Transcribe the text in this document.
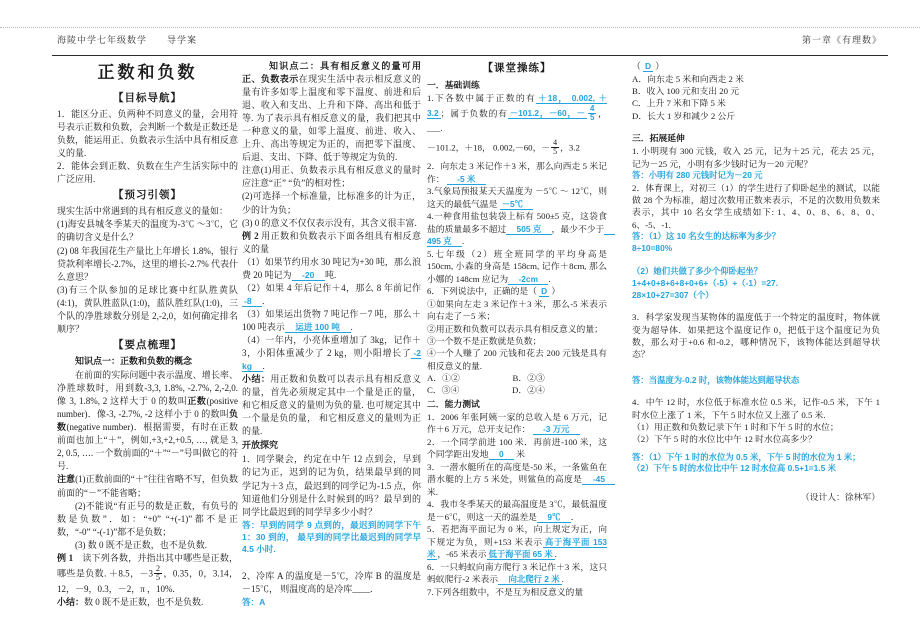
海陵中学七年级数学　　导学案	第一章《有理数》
正数和负数
【目标导航】
1．能区分正、负两种不同意义的量，会用符号表示正数和负数，会判断一个数是正数还是负数，能运用正、负数表示生活中具有相反意义的量.
2．能体会到正数、负数在生产生活实际中的广泛应用.
【预习引领】
现实生活中常遇到的具有相反意义的量如：
(1)海安县城冬季某天的温度为-3℃ ～3℃，它的确切含义是什么？
(2) 08 年我国花生产量比上年增长 1.8%，银行贷款利率增长-2.7%，这里的增长-2.7% 代表什么意思？
(3)有三个队参加的足球比赛中红队胜黄队(4:1)，黄队胜蓝队(1:0)，蓝队胜红队(1:0)，三个队的净胜球数分别是 2,-2,0，如何确定排名顺序？
【要点梳理】
知识点一：正数和负数的概念
在前面的实际问题中表示温度、增长率、净胜球数时，用到数-3,3, 1.8%, -2.7%, 2,-2,0. 像 3, 1.8%, 2 这样大于 0 的数叫正数(positive number)．像-3, -2.7%, -2 这样小于 0 的数叫负数(negative number)．根据需要，有时在正数前面也加上“＋”，例如,+3,+2,+0.5, …, 就是 3, 2, 0.5, …. 一个数前面的“＋”“－”号叫做它的符号.
注意(1)正数前面的“＋”往往省略不写，但负数前面的“－”不能省略；
(2)不能说“有正号的数是正数，有负号的数是负数”．如：“+0” “+(-1)”都不是正数，“-0” “-(-1)”都不是负数；
(3) 数 0 既不是正数，也不是负数.
例 1　读下列各数，并指出其中哪些是正数，哪些是负数. ＋8.5，$-3 \frac{2}{5}$ ，0.35，0，3.14，12，－9，0.3，－2，π ，10%.
小结：数 0 既不是正数，也不是负数.
知识点二：具有相反意义的量可用正、负数表示在现实生活中表示相反意义的量有许多如零上温度和零下温度、前进和后退、收入和支出、上升和下降、高出和低于等. 为了表示具有相反意义的量，我们把其中一种意义的量，如零上温度、前进、收入、上升、高出等规定为正的，而把零下温度、后退、支出、下降、低于等规定为负的.
注意(1)用正、负数表示具有相反意义的量时应注意“正” “负”的相对性；
(2)可选择一个标准量，比标准多的计为正，少的计为负；
(3) 0 的意义不仅仅表示没有，其含义很丰富.
例 2 用正数和负数表示下面各组具有相反意义的量
（1）如果节约用水 30 吨记为+30 吨，那么浪费 20 吨记为　-20　吨.
（2）如果 4 年后记作＋4，那么 8 年前记作 -8　.
（3）如果运出货物 7 吨记作－7 吨，那么＋100 吨表示　运进 100 吨　.
（4）一年内，小亮体重增加了 3kg，记作＋3，小阳体重减少了 2 kg，则小阳增长了 -2 kg　.
小结：用正数和负数可以表示具有相反意义的量，首先必须规定其中一个量是正的量，和它相反意义的量则为负的量. 也可规定其中一个量是负的量， 和它相反意义的量则为正的量.
开放探究
1．同学聚会，约定在中午 12 点到会，早到的记为正，迟到的记为负，结果最早到的同学记为＋3 点，最迟到的同学记为-1.5 点，你知道他们分别是什么时候到的吗？最早到的同学比最迟到的同学早多少小时？
答：早到的同学 9 点到的，最迟到的同学下午 1：30 到的， 最早到的同学比最迟到的同学早 4.5 小时.
2、冷库 A 的温度是－5℃，冷库 B 的温度是－15℃， 则温度高的是冷库____.
答：A
【课堂操练】
一．基础训练
1.下各数中属于正数的有 ＋18， 0.002, ＋3.2 ；属于负数的有 －101.2，－60，－ $\frac{4}{5}$ ，___.
－101.2，＋18， 0.002,－60，－ $\frac{4}{5}$ ，3.2
2．向东走 3 米记作＋3 米，那么向西走 5 米记作： 　-5 米　
3.气象局预报某天天温度为 －5℃ ～ 12℃，则这天的最低气温是 －5℃　
4.一种食用盐包装袋上标有 500±5 克，这袋食盐的质量最多不超过　505 克　，最少不少于　495 克　.
5.七年级（2）班全班同学的平均身高是 150cm, 小森的身高是 158cm, 记作＋8cm, 那么小娜的 148cm 应记为　-2cm　.
6．下列说法中，正确的是（ D ）
①如果向左走 3 米记作＋3 米，那么-5 米表示向右走了－5 米；
②用正数和负数可以表示具有相反意义的量；
③一个数不是正数就是负数；
④一个人赚了 200 元钱和花去 200 元钱是具有相反意义的量.
A．①②　　　　　　B．②③
C．③④　　　　　　D．②④
二．能力测试
1．2006 年张阿姨一家的总收入是 6 万元，记作＋6 万元，总开支记作： 　-3 万元　
2．一个同学前进 100 米．再前进-100 米，这个同学距出发地　0　 米
3．一潜水艇所在的高度是-50 米，一条鲨鱼在潜水艇的上方 5 米处，则鲨鱼的高度是　-45　米.
4．我市冬季某天的最高温度是 3℃，最低温度是－6℃，则这一天的温差是　9℃　．
5．若把海平面记为 0 米，向上规定为正，向下规定为负，则+153 米表示 高于海平面 153 米 ，-65 米表示 低于海平面 65 米 .
6．一只蚂蚁向南方爬行 3 米记作＋3 米，这只蚂蚁爬行-2 米表示　向北爬行 2 米 .
7.下列各组数中，不是互为相反意义的量
（ D ）
A．向东走 5 米和向西走 2 米
B．收入 100 元和支出 20 元
C．上升 7 米和下降 5 米
D．长大 1 岁和减少 2 公斤
三．拓展延伸
1. 小明现有 300 元钱，收入 25 元，记为＋25 元，花去 25 元，记为－25 元，小明有多少钱时记为－20 元呢？
答：小明有 280 元钱时记为－20 元
2．体育课上，对初三（1）的学生进行了仰卧起坐的测试，以能做 28 个为标准，超过次数用正数来表示，不足的次数用负数来表示，其中 10 名女学生成绩如下: 1、4、0、8、6、8、0、6、-5、-1.
答：（1）这 10 名女生的达标率为多少？
8÷10=80%
（2）她们共做了多少个仰卧起坐？
1+4+0+8+6+8+0+6+（-5）+（-1）=27.
28×10+27=307（个）
3．科学家发现当某物体的温度低于一个特定的温度时，物体就变为超导体．如果把这个温度记作 0，把低于这个温度记为负数，那么对于+0.6 和-0.2，哪种情况下，该物体能达到超导状态？
答：当温度为-0.2 时，该物体能达到超导状态
4．中午 12 时，水位低于标准水位 0.5 米，记作-0.5 米，下午 1 时水位上涨了 1 米，下午 5 时水位又上涨了 0.5 米.
（1）用正数和负数记录下午 1 时和下午 5 时的水位；
（2）下午 5 时的水位比中午 12 时水位高多少？
答：（1）下午 1 时的水位为 0.5 米，下午 5 时的水位为 1 米；
（2）下午 5 时的水位比中午 12 时水位高 0.5+1=1.5 米
（设计人：徐林军）
